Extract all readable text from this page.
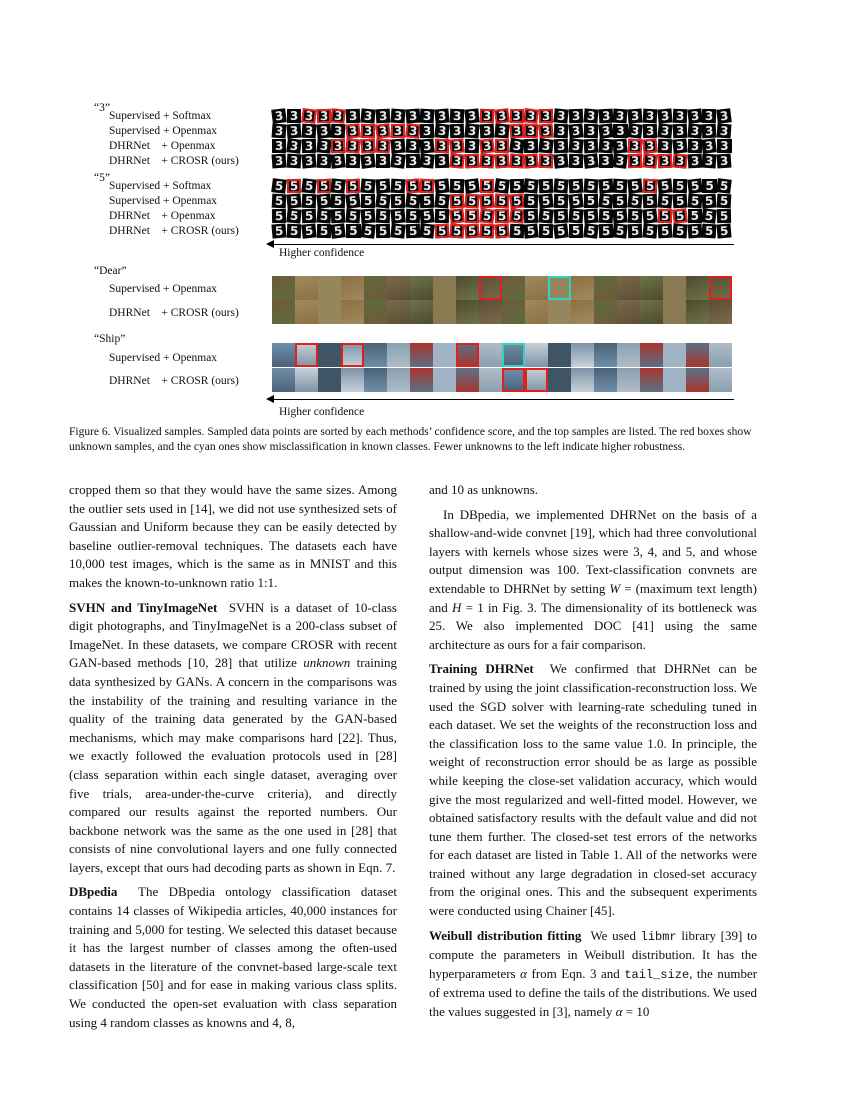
“3”
Supervised + Softmax
Supervised + Openmax
DHRNet    + Openmax
DHRNet    + CROSR (ours)
3 3 3 3 3 3 3 3 3 3 3 3 3 3 3 3 3 3 3 3 3 3 3 3 3 3 3 3 3 3 3
3 3 3 3 3 3 3 3 3 3 3 3 3 3 3 3 3 3 3 3 3 3 3 3 3 3 3 3 3 3 3
3 3 3 3 3 3 3 3 3 3 3 3 3 3 3 3 3 3 3 3 3 3 3 3 3 3 3 3 3 3 3
3 3 3 3 3 3 3 3 3 3 3 3 3 3 3 3 3 3 3 3 3 3 3 3 3 3 3 3 3 3 3
“5”
Supervised + Softmax
Supervised + Openmax
DHRNet    + Openmax
DHRNet    + CROSR (ours)
5 5 5 5 5 5 5 5 5 5 5 5 5 5 5 5 5 5 5 5 5 5 5 5 5 5 5 5 5 5 5
5 5 5 5 5 5 5 5 5 5 5 5 5 5 5 5 5 5 5 5 5 5 5 5 5 5 5 5 5 5 5
5 5 5 5 5 5 5 5 5 5 5 5 5 5 5 5 5 5 5 5 5 5 5 5 5 5 5 5 5 5 5
5 5 5 5 5 5 5 5 5 5 5 5 5 5 5 5 5 5 5 5 5 5 5 5 5 5 5 5 5 5 5
Higher confidence
“Dear”
Supervised + Openmax
DHRNet    + CROSR (ours)
“Ship”
Supervised + Openmax
DHRNet    + CROSR (ours)
Higher confidence
Figure 6. Visualized samples. Sampled data points are sorted by each methods’ confidence score, and the top samples are listed. The red boxes show unknown samples, and the cyan ones show misclassification in known classes. Fewer unknowns to the left indicate higher robustness.

cropped them so that they would have the same sizes. Among the outlier sets used in [14], we did not use synthesized sets of Gaussian and Uniform because they can be easily detected by baseline outlier-removal techniques. The datasets each have 10,000 test images, which is the same as in MNIST and this makes the known-to-unknown ratio 1:1.

SVHN and TinyImageNet SVHN is a dataset of 10-class digit photographs, and TinyImageNet is a 200-class subset of ImageNet. In these datasets, we compare CROSR with recent GAN-based methods [10, 28] that utilize unknown training data synthesized by GANs. A concern in the comparisons was the instability of the training and resulting variance in the quality of the training data generated by the GAN-based mechanisms, which may make comparisons hard [22]. Thus, we exactly followed the evaluation protocols used in [28] (class separation within each single dataset, averaging over five trials, area-under-the-curve criteria), and directly compared our results against the reported numbers. Our backbone network was the same as the one used in [28] that consists of nine convolutional layers and one fully connected layers, except that ours had decoding parts as shown in Eqn. 7.

DBpedia The DBpedia ontology classification dataset contains 14 classes of Wikipedia articles, 40,000 instances for training and 5,000 for testing. We selected this dataset because it has the largest number of classes among the often-used datasets in the literature of the convnet-based large-scale text classification [50] and for ease in making various class splits. We conducted the open-set evaluation with class separation using 4 random classes as knowns and 4, 8,

and 10 as unknowns.

In DBpedia, we implemented DHRNet on the basis of a shallow-and-wide convnet [19], which had three convolutional layers with kernels whose sizes were 3, 4, and 5, and whose output dimension was 100. Text-classification convnets are extendable to DHRNet by setting W = (maximum text length) and H = 1 in Fig. 3. The dimensionality of its bottleneck was 25. We also implemented DOC [41] using the same architecture as ours for a fair comparison.

Training DHRNet We confirmed that DHRNet can be trained by using the joint classification-reconstruction loss. We used the SGD solver with learning-rate scheduling tuned in each dataset. We set the weights of the reconstruction loss and the classification loss to the same value 1.0. In principle, the weight of reconstruction error should be as large as possible while keeping the close-set validation accuracy, which would give the most regularized and well-fitted model. However, we obtained satisfactory results with the default value and did not tune them further. The closed-set test errors of the networks for each dataset are listed in Table 1. All of the networks were trained without any large degradation in closed-set accuracy from the original ones. This and the subsequent experiments were conducted using Chainer [45].

Weibull distribution fitting We used libmr library [39] to compute the parameters in Weibull distribution. It has the hyperparameters α from Eqn. 3 and tail_size, the number of extrema used to define the tails of the distributions. We used the values suggested in [3], namely α = 10
